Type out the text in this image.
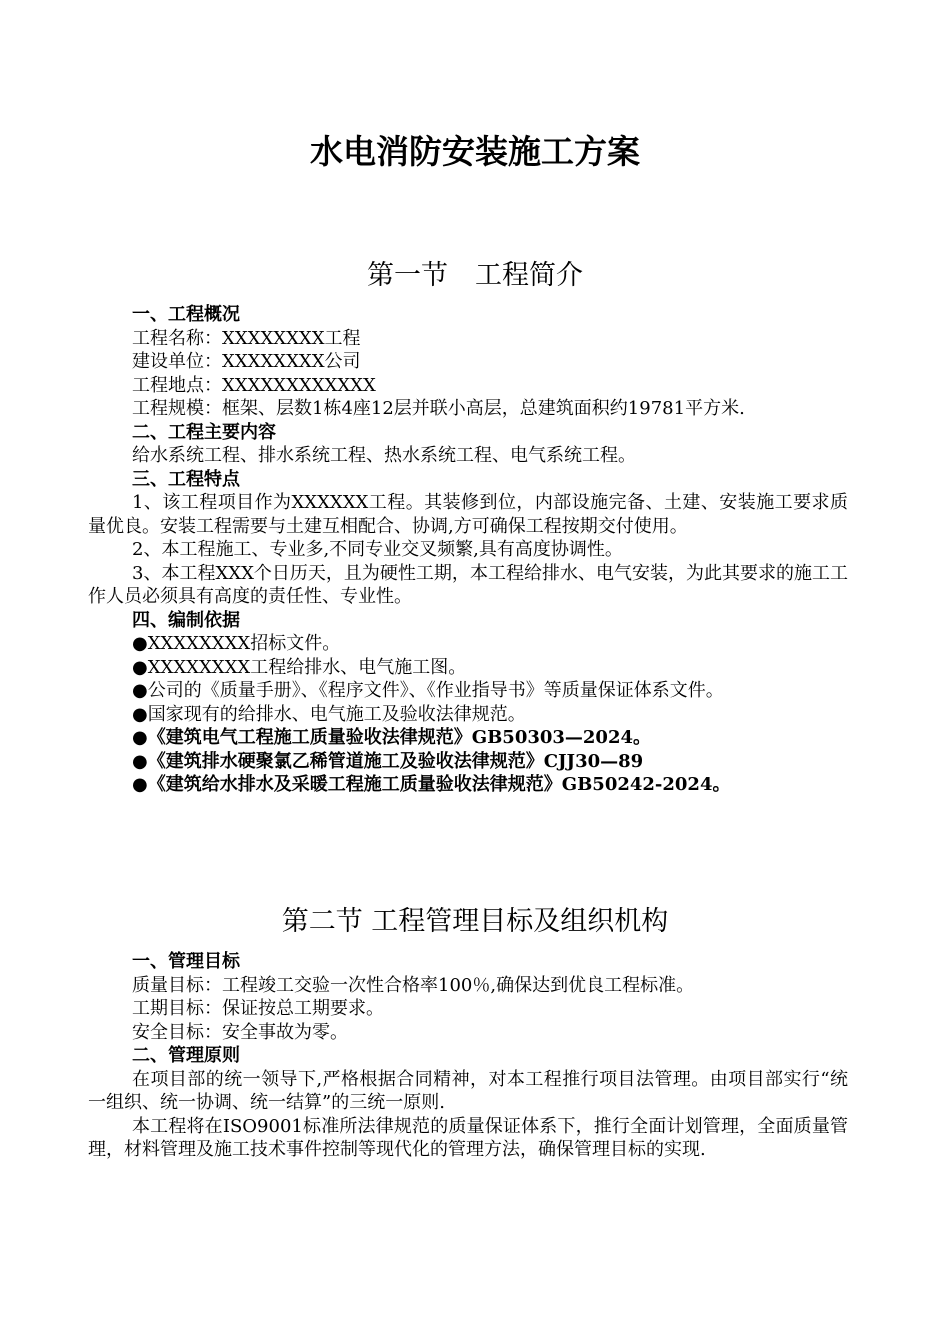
水电消防安装施工方案
第一节　工程简介
一、工程概况
工程名称：XXXXXXXX工程
建设单位：XXXXXXXX公司
工程地点：XXXXXXXXXXXX
工程规模：框架、层数1栋4座12层并联小高层，总建筑面积约19781平方米.
二、工程主要内容
给水系统工程、排水系统工程、热水系统工程、电气系统工程。
三、工程特点
1、该工程项目作为XXXXXX工程。其装修到位，内部设施完备、土建、安装施工要求质量优良。安装工程需要与土建互相配合、协调,方可确保工程按期交付使用。
2、本工程施工、专业多,不同专业交叉频繁,具有高度协调性。
3、本工程XXX个日历天，且为硬性工期，本工程给排水、电气安装，为此其要求的施工工作人员必须具有高度的责任性、专业性。
四、编制依据
●XXXXXXXX招标文件。
●XXXXXXXX工程给排水、电气施工图。
●公司的《质量手册》、《程序文件》、《作业指导书》等质量保证体系文件。
●国家现有的给排水、电气施工及验收法律规范。
●《建筑电气工程施工质量验收法律规范》GB50303—2024。
●《建筑排水硬聚氯乙稀管道施工及验收法律规范》CJJ30—89
●《建筑给水排水及采暖工程施工质量验收法律规范》GB50242-2024。
第二节 工程管理目标及组织机构
一、管理目标
质量目标：工程竣工交验一次性合格率100％,确保达到优良工程标准。
工期目标：保证按总工期要求。
安全目标：安全事故为零。
二、管理原则
在项目部的统一领导下,严格根据合同精神，对本工程推行项目法管理。由项目部实行“统一组织、统一协调、统一结算”的三统一原则.
本工程将在ISO9001标准所法律规范的质量保证体系下，推行全面计划管理，全面质量管理，材料管理及施工技术事件控制等现代化的管理方法，确保管理目标的实现.
